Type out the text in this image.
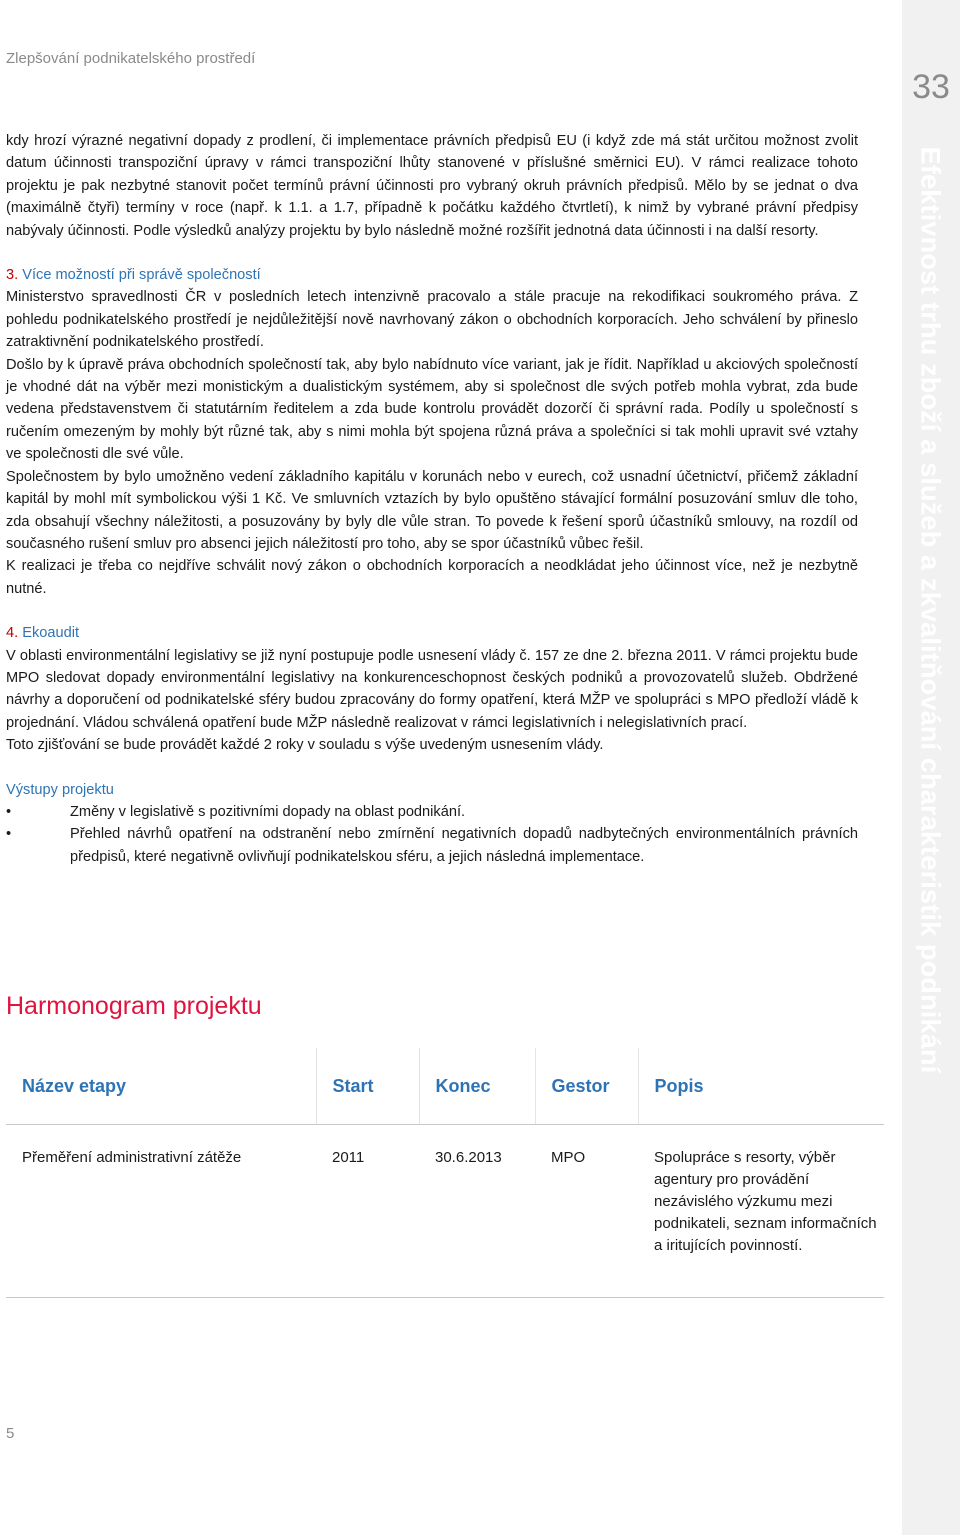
Zlepšování podnikatelského prostředí
33
Efektivnost trhu zboží a služeb a zkvalitňování charakteristik podnikání

kdy hrozí výrazné negativní dopady z prodlení, či implementace právních předpisů EU (i když zde má stát určitou možnost zvolit datum účinnosti transpoziční úpravy v rámci transpoziční lhůty stanovené v příslušné směrnici EU). V rámci realizace tohoto projektu je pak nezbytné stanovit počet termínů právní účinnosti pro vybraný okruh právních předpisů. Mělo by se jednat o dva (maximálně čtyři) termíny v roce (např. k 1.1. a 1.7, případně k počátku každého čtvrtletí), k nimž by vybrané právní předpisy nabývaly účinnosti. Podle výsledků analýzy projektu by bylo následně možné rozšířit jednotná data účinnosti i na další resorty.

3. Více možností při správě společností

Ministerstvo spravedlnosti ČR v posledních letech intenzivně pracovalo a stále pracuje na rekodifikaci soukromého práva. Z pohledu podnikatelského prostředí je nejdůležitější nově navrhovaný zákon o obchodních korporacích. Jeho schválení by přineslo zatraktivnění podnikatelského prostředí.

Došlo by k úpravě práva obchodních společností tak, aby bylo nabídnuto více variant, jak je řídit. Například u akciových společností je vhodné dát na výběr mezi monistickým a dualistickým systémem, aby si společnost dle svých potřeb mohla vybrat, zda bude vedena představenstvem či statutárním ředitelem a zda bude kontrolu provádět dozorčí či správní rada. Podíly u společností s ručením omezeným by mohly být různé tak, aby s nimi mohla být spojena různá práva a společníci si tak mohli upravit své vztahy ve společnosti dle své vůle.

Společnostem by bylo umožněno vedení základního kapitálu v korunách nebo v eurech, což usnadní účetnictví, přičemž základní kapitál by mohl mít symbolickou výši 1 Kč. Ve smluvních vztazích by bylo opuštěno stávající formální posuzování smluv dle toho, zda obsahují všechny náležitosti, a posuzovány by byly dle vůle stran. To povede k řešení sporů účastníků smlouvy, na rozdíl od současného rušení smluv pro absenci jejich náležitostí pro toho, aby se spor účastníků vůbec řešil.

K realizaci je třeba co nejdříve schválit nový zákon o obchodních korporacích a neodkládat jeho účinnost více, než je nezbytně nutné.

4. Ekoaudit

V oblasti environmentální legislativy se již nyní postupuje podle usnesení vlády č. 157 ze dne 2. března 2011. V rámci projektu bude MPO sledovat dopady environmentální legislativy na konkurenceschopnost českých podniků a provozovatelů služeb. Obdržené návrhy a doporučení od podnikatelské sféry budou zpracovány do formy opatření, která MŽP ve spolupráci s MPO předloží vládě k projednání. Vládou schválená opatření bude MŽP následně realizovat v rámci legislativních i nelegislativních prací.

Toto zjišťování se bude provádět každé 2 roky v souladu s výše uvedeným usnesením vlády.

Výstupy projektu

•	Změny v legislativě s pozitivními dopady na oblast podnikání.
•	Přehled návrhů opatření na odstranění nebo zmírnění negativních dopadů nadbytečných environmentálních právních předpisů, které negativně ovlivňují podnikatelskou sféru, a jejich následná implementace.
Harmonogram projektu
Název etapy	Start	Konec	Gestor	Popis
Přeměření administrativní zátěže	2011	30.6.2013	MPO	Spolupráce s resorty, výběr agentury pro provádění nezávislého výzkumu mezi podnikateli, seznam informačních a iritujících povinností.
5
